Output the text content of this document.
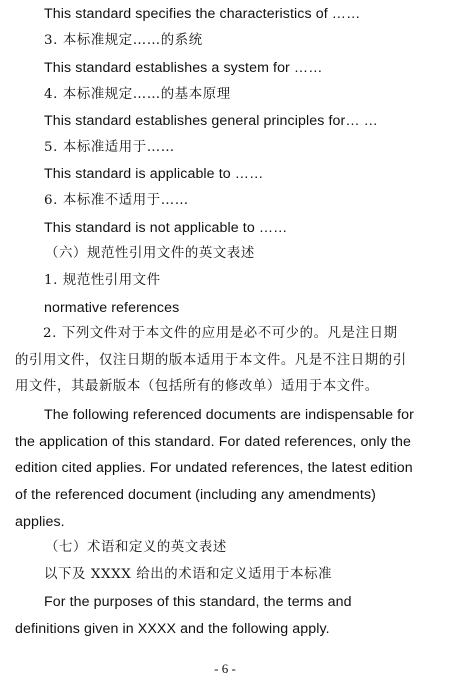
This standard specifies the characteristics of ……
3. 本标准规定……的系统
This standard establishes a system for ……
4. 本标准规定……的基本原理
This standard establishes general principles for… …
5. 本标准适用于……
This standard is applicable to ……
6. 本标准不适用于……
This standard is not applicable to ……
（六）规范性引用文件的英文表述
1. 规范性引用文件
normative references
2. 下列文件对于本文件的应用是必不可少的。凡是注日期
的引用文件，仅注日期的版本适用于本文件。凡是不注日期的引
用文件，其最新版本（包括所有的修改单）适用于本文件。
The following referenced documents are indispensable for
the application of this standard. For dated references, only the
edition cited applies. For undated references, the latest edition
of the referenced document (including any amendments)
applies.
（七）术语和定义的英文表述
以下及 XXXX 给出的术语和定义适用于本标准
For the purposes of this standard, the terms and
definitions given in XXXX and the following apply.
- 6 -
